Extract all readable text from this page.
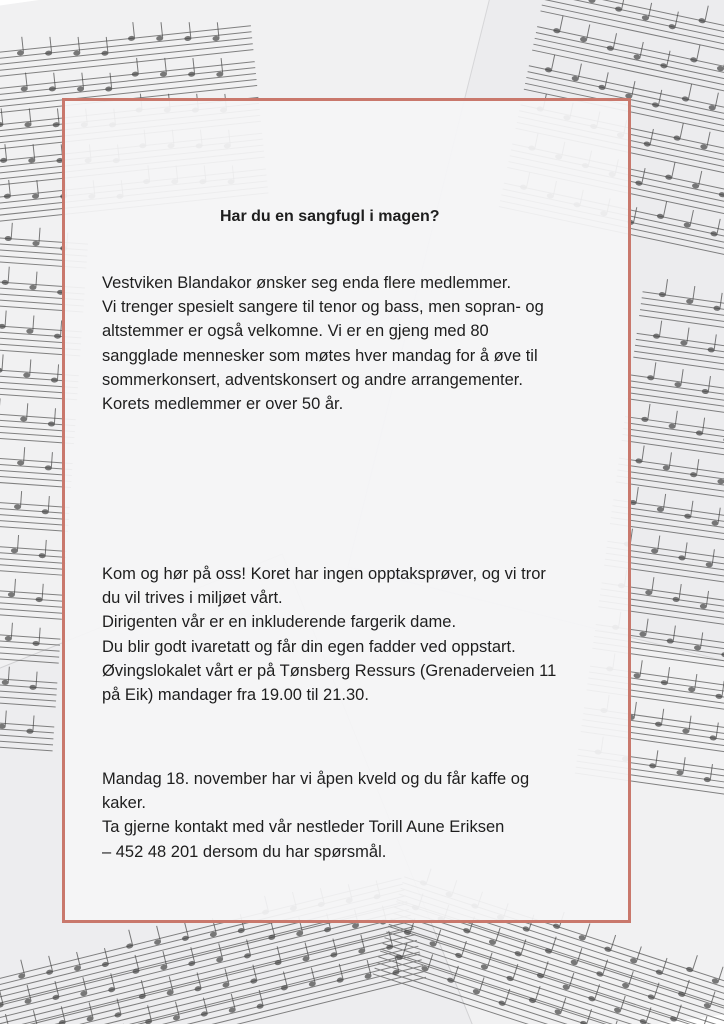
Har du en sangfugl i magen?

Vestviken Blandakor ønsker seg enda flere medlemmer.
Vi trenger spesielt sangere til tenor og bass, men sopran- og
altstemmer er også velkomne. Vi er en gjeng med 80
sangglade mennesker som møtes hver mandag for å øve til
sommerkonsert, adventskonsert og andre arrangementer.
Korets medlemmer er over 50 år.

Kom og hør på oss! Koret har ingen opptaksprøver, og vi tror
du vil trives i miljøet vårt.
Dirigenten vår er en inkluderende fargerik dame.
Du blir godt ivaretatt og får din egen fadder ved oppstart.
Øvingslokalet vårt er på Tønsberg Ressurs (Grenaderveien 11
på Eik) mandager fra 19.00 til 21.30.

Mandag 18. november har vi åpen kveld og du får kaffe og
kaker.
Ta gjerne kontakt med vår nestleder Torill Aune Eriksen
– 452 48 201 dersom du har spørsmål.
